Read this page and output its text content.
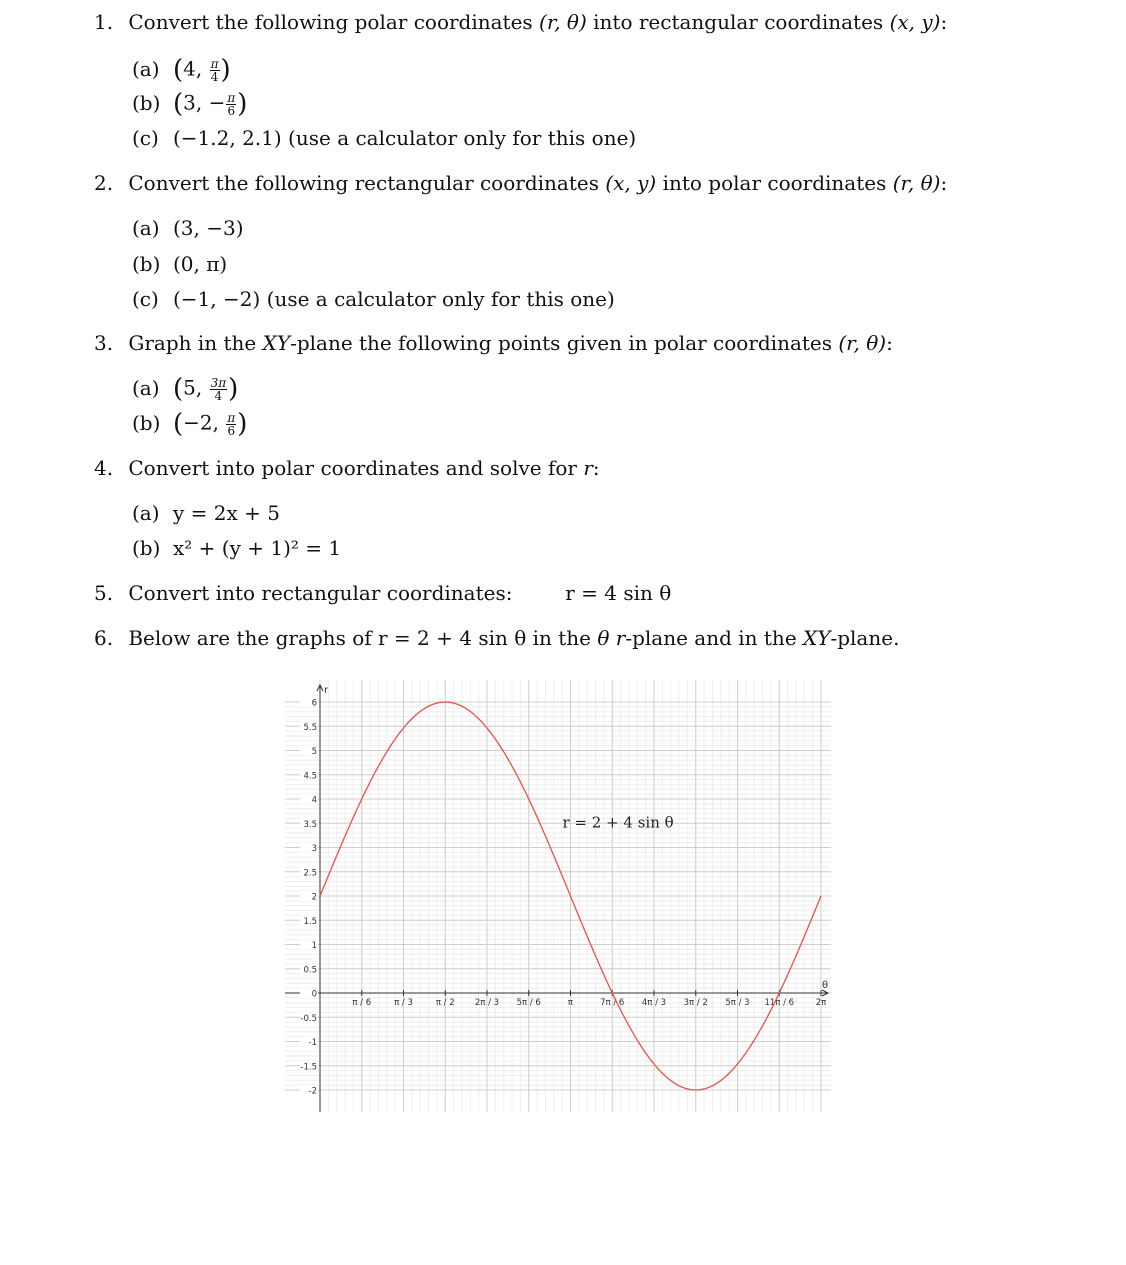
1. Convert the following polar coordinates (r, θ) into rectangular coordinates (x, y):
(a) (4, $\frac{\pi}{4}$ )
(b) (3, − $\frac{\pi}{6}$ )
(c) (−1.2, 2.1) (use a calculator only for this one)
2. Convert the following rectangular coordinates (x, y) into polar coordinates (r, θ):
(a) (3, −3)
(b) (0, π)
(c) (−1, −2) (use a calculator only for this one)
3. Graph in the XY-plane the following points given in polar coordinates (r, θ):
(a) (5, $\frac{3\pi}{4}$ )
(b) (−2, $\frac{\pi}{6}$ )
4. Convert into polar coordinates and solve for r:
(a) y = 2x + 5
(b) x² + (y + 1)² = 1
5. Convert into rectangular coordinates:	r = 4 sin θ
6. Below are the graphs of r = 2 + 4 sin θ in the θ r-plane and in the XY-plane.
-2
-1.5
-1
-0.5
0
0.5
1
1.5
2
2.5
3
3.5
4
4.5
5
5.5
6
π / 6	π / 3	π / 2 2π / 3 5π / 6	π	7π / 6 4π / 3 3π / 2 5π / 3 11π / 6	2π
r = 2 + 4 sin θ
θ
r
